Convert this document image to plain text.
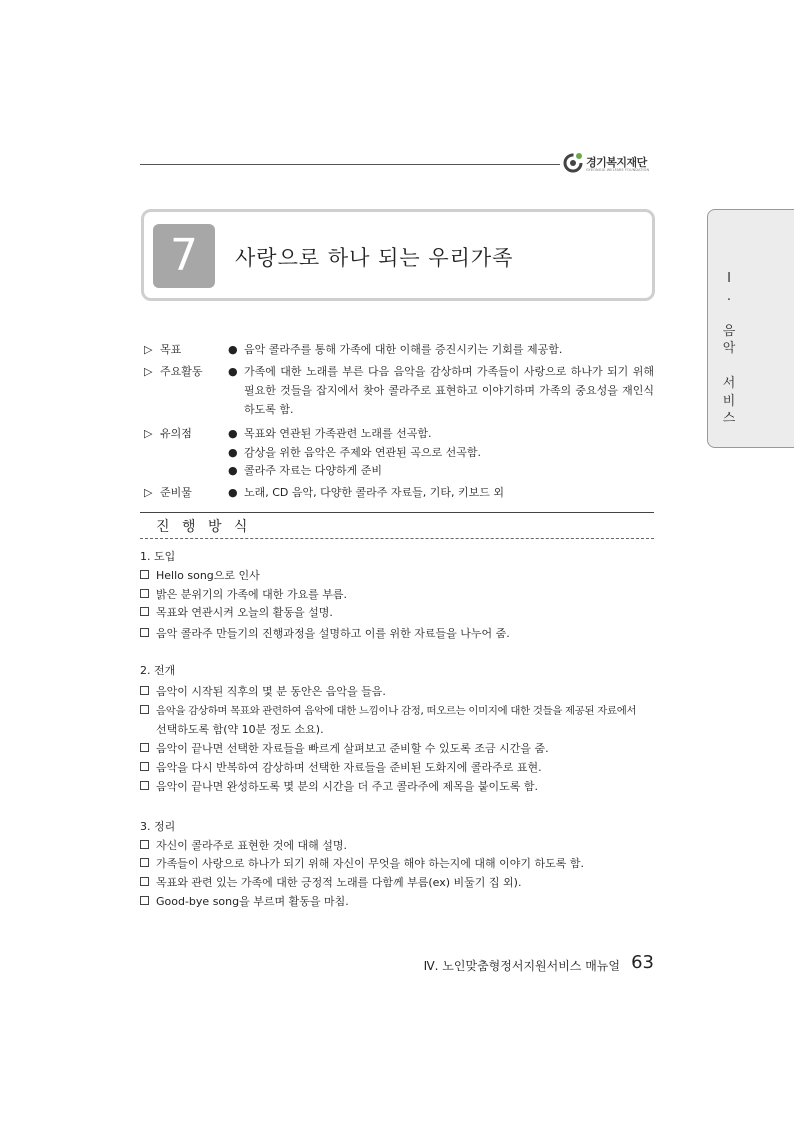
경기복지재단
GYEONGGI WELFARE FOUNDATION
Ⅰ
.

음
악

서
비
스
7	사랑으로 하나 되는 우리가족
▷ 목표	● 음악 콜라주를 통해 가족에 대한 이해를 증진시키는 기회를 제공함.
▷ 주요활동 ● 가족에 대한 노래를 부른 다음 음악을 감상하며 가족들이 사랑으로 하나가 되기 위해
필요한 것들을 잡지에서 찾아 콜라주로 표현하고 이야기하며 가족의 중요성을 재인식
하도록 함.
▷ 유의점	● 목표와 연관된 가족관련 노래를 선곡함.
● 감상을 위한 음악은 주제와 연관된 곡으로 선곡함.
● 콜라주 자료는 다양하게 준비
▷ 준비물	● 노래, CD 음악, 다양한 콜라주 자료들, 기타, 키보드 외
진 행 방 식
1. 도입
Hello song으로 인사
밝은 분위기의 가족에 대한 가요를 부름.
목표와 연관시켜 오늘의 활동을 설명.
음악 콜라주 만들기의 진행과정을 설명하고 이를 위한 자료들을 나누어 줌.
2. 전개
음악이 시작된 직후의 몇 분 동안은 음악을 들음.
음악을 감상하며 목표와 관련하여 음악에 대한 느낌이나 감정, 떠오르는 이미지에 대한 것들을 제공된 자료에서
선택하도록 함(약 10분 정도 소요).
음악이 끝나면 선택한 자료들을 빠르게 살펴보고 준비할 수 있도록 조금 시간을 줌.
음악을 다시 반복하여 감상하며 선택한 자료들을 준비된 도화지에 콜라주로 표현.
음악이 끝나면 완성하도록 몇 분의 시간을 더 주고 콜라주에 제목을 붙이도록 함.
3. 정리
자신이 콜라주로 표현한 것에 대해 설명.
가족들이 사랑으로 하나가 되기 위해 자신이 무엇을 해야 하는지에 대해 이야기 하도록 함.
목표와 관련 있는 가족에 대한 긍정적 노래를 다함께 부름(ex) 비둘기 집 외).
Good-bye song을 부르며 활동을 마침.
Ⅳ. 노인맞춤형정서지원서비스 매뉴얼 63
